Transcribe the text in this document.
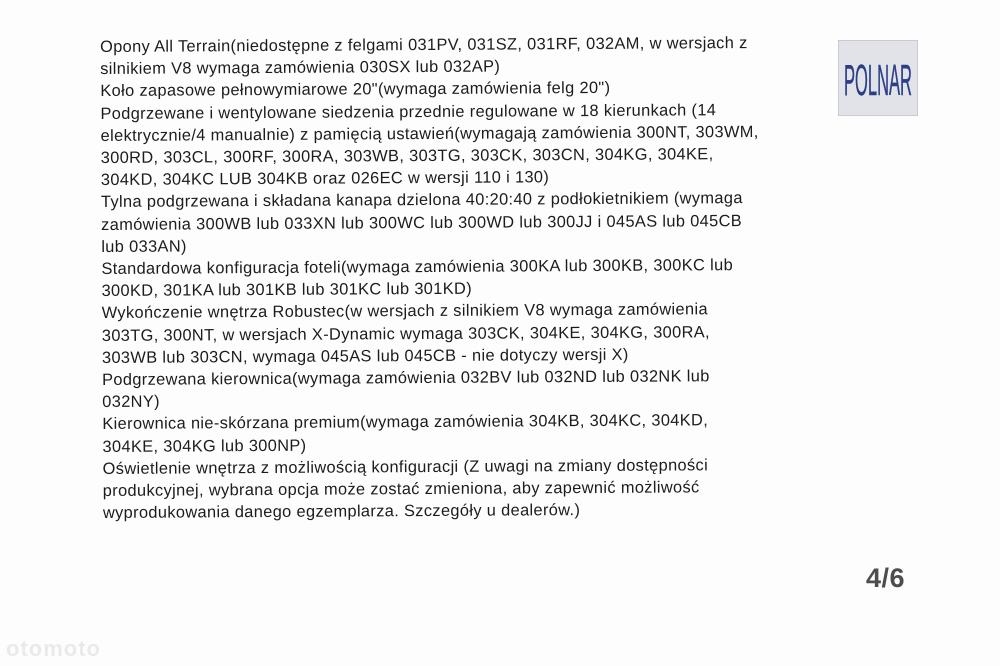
Opony All Terrain(niedostępne z felgami 031PV, 031SZ, 031RF, 032AM, w wersjach z silnikiem V8 wymaga zamówienia 030SX lub 032AP)

Koło zapasowe pełnowymiarowe 20"(wymaga zamówienia felg 20")

Podgrzewane i wentylowane siedzenia przednie regulowane w 18 kierunkach (14 elektrycznie/4 manualnie) z pamięcią ustawień(wymagają zamówienia 300NT, 303WM, 300RD, 303CL, 300RF, 300RA, 303WB, 303TG, 303CK, 303CN, 304KG, 304KE, 304KD, 304KC LUB 304KB oraz 026EC w wersji 110 i 130)

Tylna podgrzewana i składana kanapa dzielona 40:20:40 z podłokietnikiem (wymaga zamówienia 300WB lub 033XN lub 300WC lub 300WD lub 300JJ i 045AS lub 045CB lub 033AN)

Standardowa konfiguracja foteli(wymaga zamówienia 300KA lub 300KB, 300KC lub 300KD, 301KA lub 301KB lub 301KC lub 301KD)

Wykończenie wnętrza Robustec(w wersjach z silnikiem V8 wymaga zamówienia 303TG, 300NT, w wersjach X-Dynamic wymaga 303CK, 304KE, 304KG, 300RA, 303WB lub 303CN, wymaga 045AS lub 045CB - nie dotyczy wersji X)

Podgrzewana kierownica(wymaga zamówienia 032BV lub 032ND lub 032NK lub 032NY)

Kierownica nie-skórzana premium(wymaga zamówienia 304KB, 304KC, 304KD, 304KE, 304KG lub 300NP)

Oświetlenie wnętrza z możliwością konfiguracji (Z uwagi na zmiany dostępności produkcyjnej, wybrana opcja może zostać zmieniona, aby zapewnić możliwość wyprodukowania danego egzemplarza. Szczegóły u dealerów.)

POLNAR
4/6
otomoto
